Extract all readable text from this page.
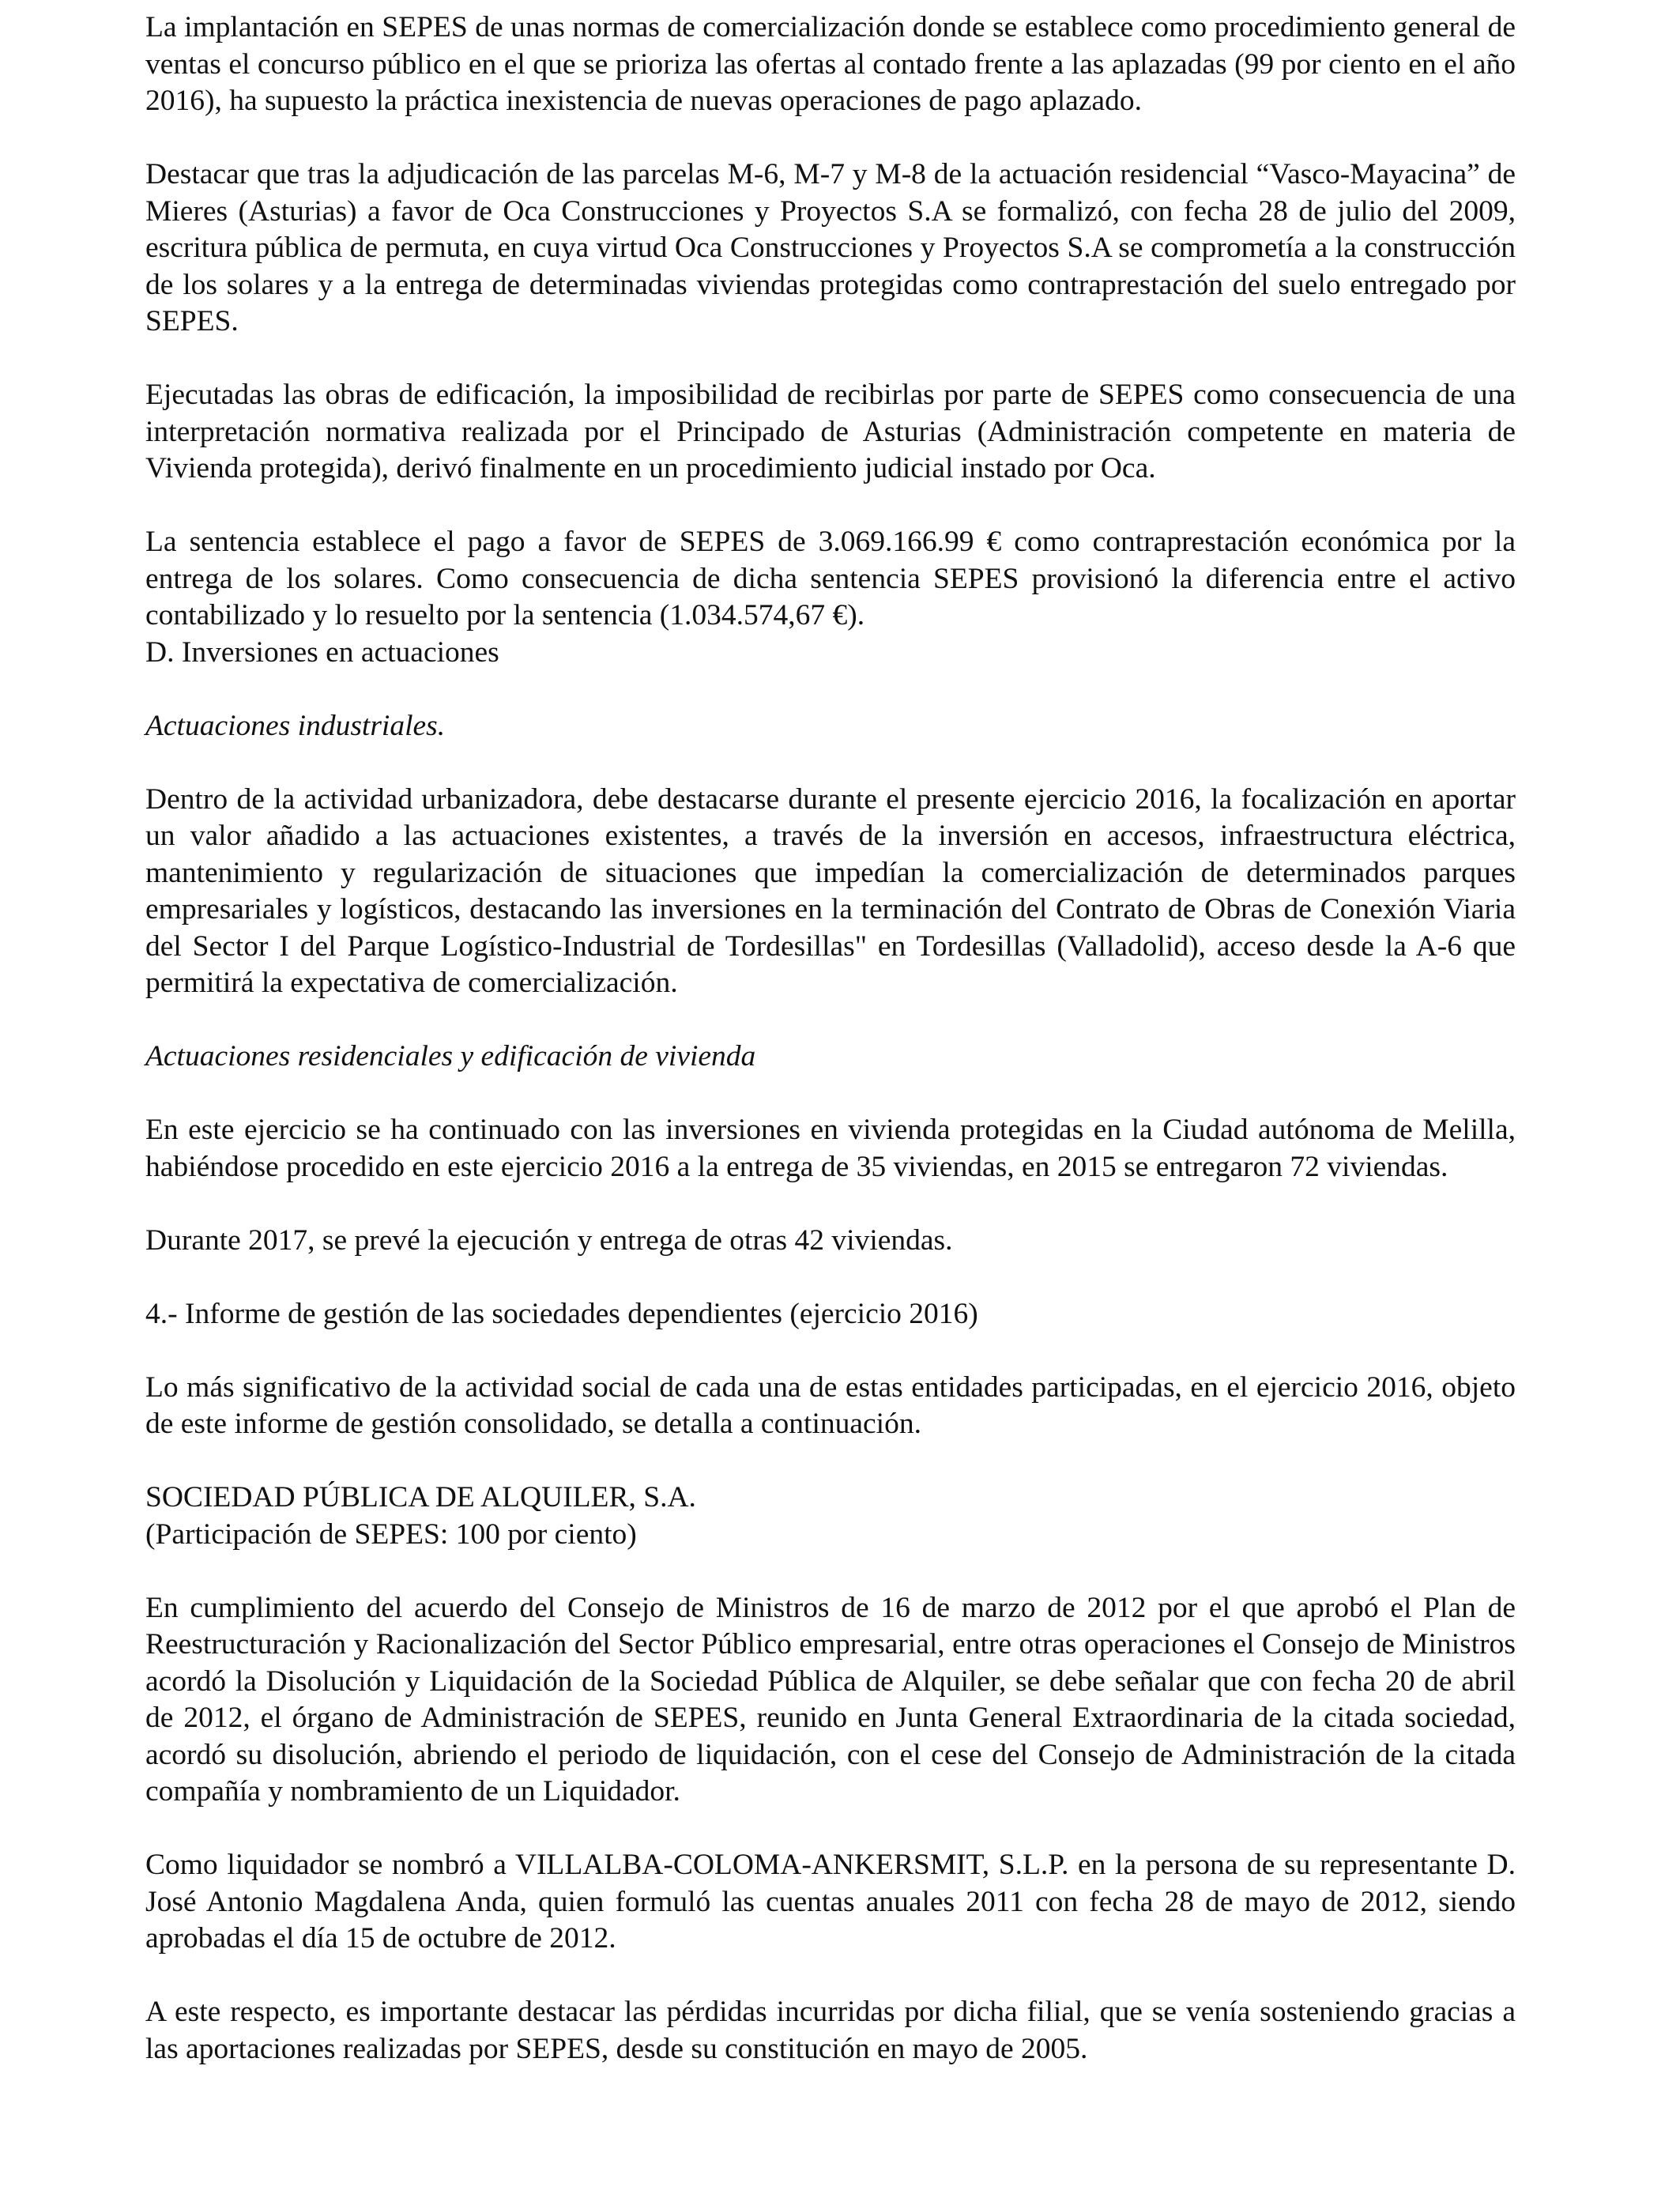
La implantación en SEPES de unas normas de comercialización donde se establece como procedimiento general de ventas el concurso público en el que se prioriza las ofertas al contado frente a las aplazadas (99 por ciento en el año 2016), ha supuesto la práctica inexistencia de nuevas operaciones de pago aplazado.

Destacar que tras la adjudicación de las parcelas M-6, M-7 y M-8 de la actuación residencial “Vasco-Mayacina” de Mieres (Asturias) a favor de Oca Construcciones y Proyectos S.A se formalizó, con fecha 28 de julio del 2009, escritura pública de permuta, en cuya virtud Oca Construcciones y Proyectos S.A se comprometía a la construcción de los solares y a la entrega de determinadas viviendas protegidas como contraprestación del suelo entregado por SEPES.

Ejecutadas las obras de edificación, la imposibilidad de recibirlas por parte de SEPES como consecuencia de una interpretación normativa realizada por el Principado de Asturias (Administración competente en materia de Vivienda protegida), derivó finalmente en un procedimiento judicial instado por Oca.

La sentencia establece el pago a favor de SEPES de 3.069.166.99 € como contraprestación económica por la entrega de los solares. Como consecuencia de dicha sentencia SEPES provisionó la diferencia entre el activo contabilizado y lo resuelto por la sentencia (1.034.574,67 €).

D. Inversiones en actuaciones

Actuaciones industriales.

Dentro de la actividad urbanizadora, debe destacarse durante el presente ejercicio 2016, la focalización en aportar un valor añadido a las actuaciones existentes, a través de la inversión en accesos, infraestructura eléctrica, mantenimiento y regularización de situaciones que impedían la comercialización de determinados parques empresariales y logísticos, destacando las inversiones en la terminación del Contrato de Obras de Conexión Viaria del Sector I del Parque Logístico-Industrial de Tordesillas" en Tordesillas (Valladolid), acceso desde la A-6 que permitirá la expectativa de comercialización.

Actuaciones residenciales y edificación de vivienda

En este ejercicio se ha continuado con las inversiones en vivienda protegidas en la Ciudad autónoma de Melilla, habiéndose procedido en este ejercicio 2016 a la entrega de 35 viviendas, en 2015 se entregaron 72 viviendas.

Durante 2017, se prevé la ejecución y entrega de otras 42 viviendas.

4.- Informe de gestión de las sociedades dependientes (ejercicio 2016)

Lo más significativo de la actividad social de cada una de estas entidades participadas, en el ejercicio 2016, objeto de este informe de gestión consolidado, se detalla a continuación.

SOCIEDAD PÚBLICA DE ALQUILER, S.A.
(Participación de SEPES: 100 por ciento)

En cumplimiento del acuerdo del Consejo de Ministros de 16 de marzo de 2012 por el que aprobó el Plan de Reestructuración y Racionalización del Sector Público empresarial, entre otras operaciones el Consejo de Ministros acordó la Disolución y Liquidación de la Sociedad Pública de Alquiler, se debe señalar que con fecha 20 de abril de 2012, el órgano de Administración de SEPES, reunido en Junta General Extraordinaria de la citada sociedad, acordó su disolución, abriendo el periodo de liquidación, con el cese del Consejo de Administración de la citada compañía y nombramiento de un Liquidador.

Como liquidador se nombró a VILLALBA-COLOMA-ANKERSMIT, S.L.P. en la persona de su representante D. José Antonio Magdalena Anda, quien formuló las cuentas anuales 2011 con fecha 28 de mayo de 2012, siendo aprobadas el día 15 de octubre de 2012.

A este respecto, es importante destacar las pérdidas incurridas por dicha filial, que se venía sosteniendo gracias a las aportaciones realizadas por SEPES, desde su constitución en mayo de 2005.
